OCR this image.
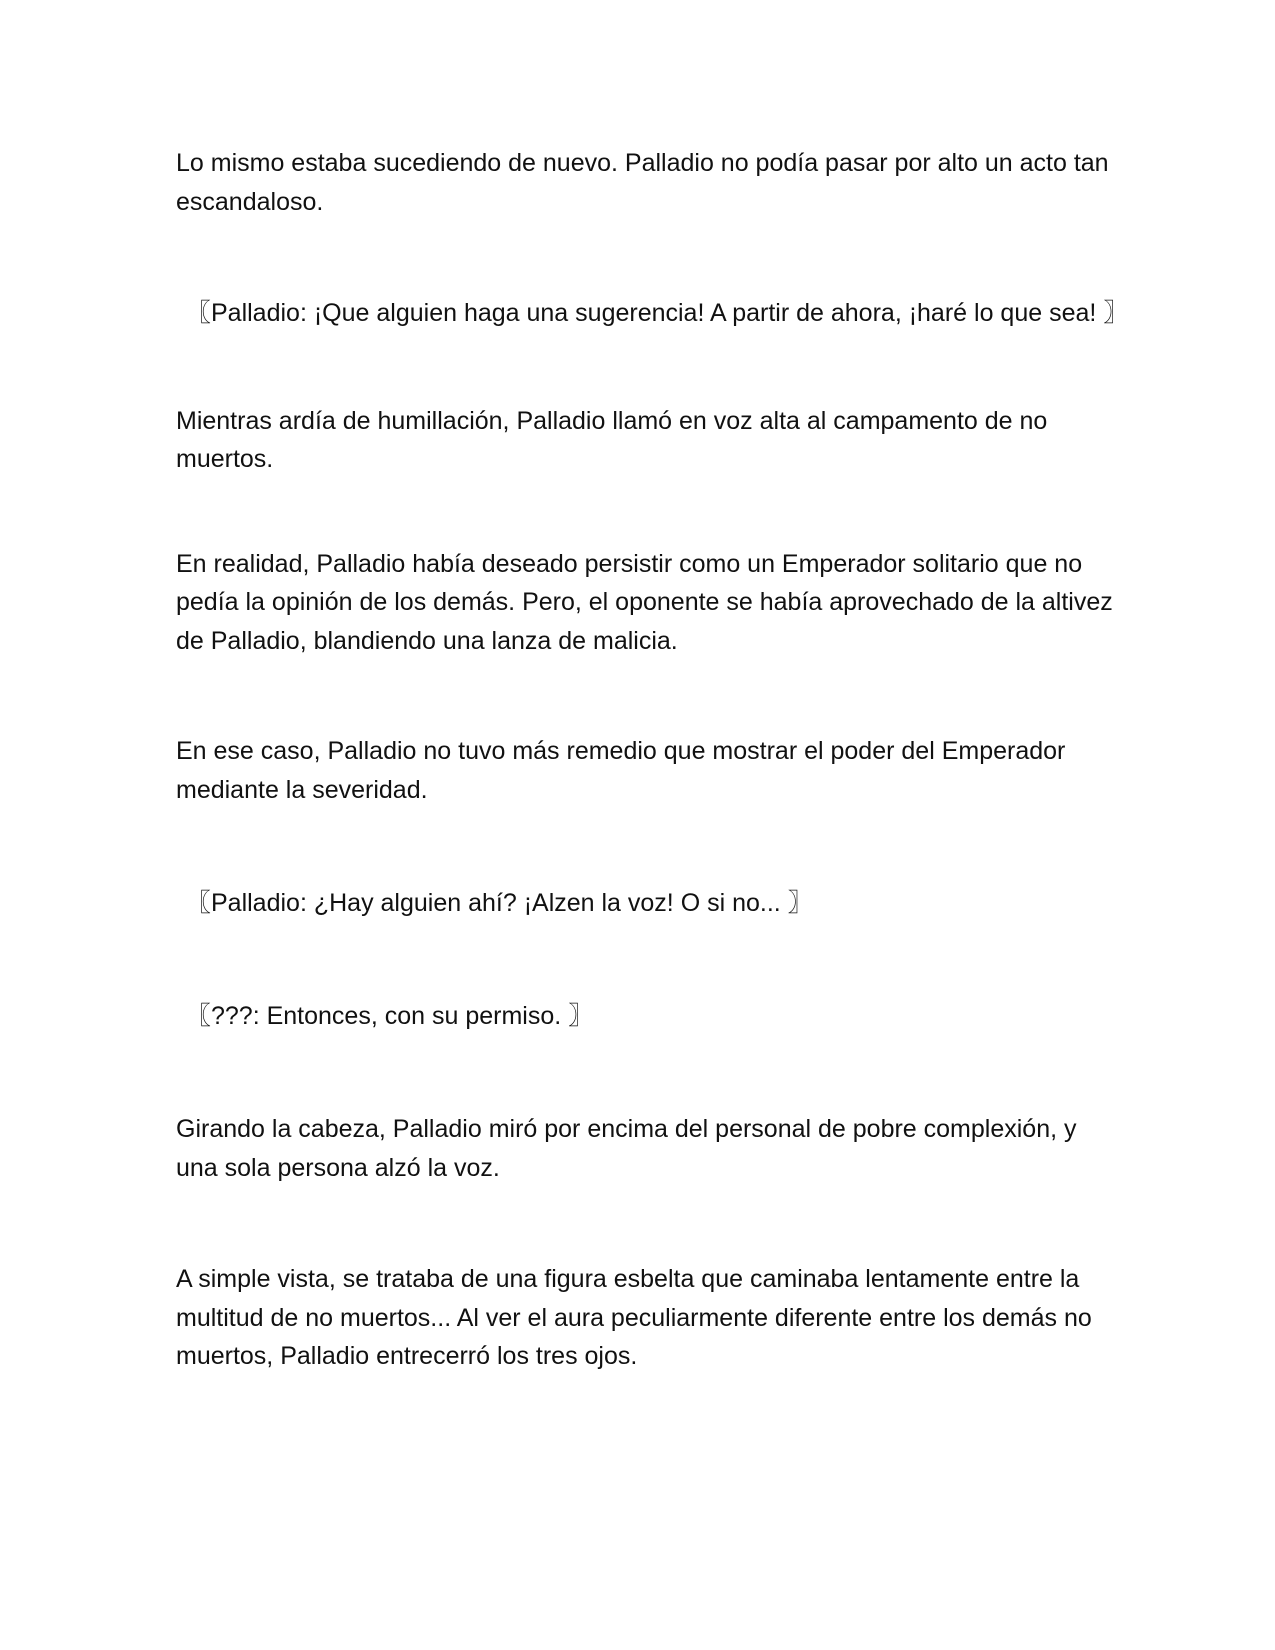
Lo mismo estaba sucediendo de nuevo. Palladio no podía pasar por alto un acto tan escandaloso.

〖Palladio: ¡Que alguien haga una sugerencia! A partir de ahora, ¡haré lo que sea! 〗

Mientras ardía de humillación, Palladio llamó en voz alta al campamento de no muertos.

En realidad, Palladio había deseado persistir como un Emperador solitario que no pedía la opinión de los demás. Pero, el oponente se había aprovechado de la altivez de Palladio, blandiendo una lanza de malicia.

En ese caso, Palladio no tuvo más remedio que mostrar el poder del Emperador mediante la severidad.

〖Palladio: ¿Hay alguien ahí? ¡Alzen la voz! O si no... 〗

〖???: Entonces, con su permiso. 〗

Girando la cabeza, Palladio miró por encima del personal de pobre complexión, y una sola persona alzó la voz.

A simple vista, se trataba de una figura esbelta que caminaba lentamente entre la multitud de no muertos... Al ver el aura peculiarmente diferente entre los demás no muertos, Palladio entrecerró los tres ojos.
